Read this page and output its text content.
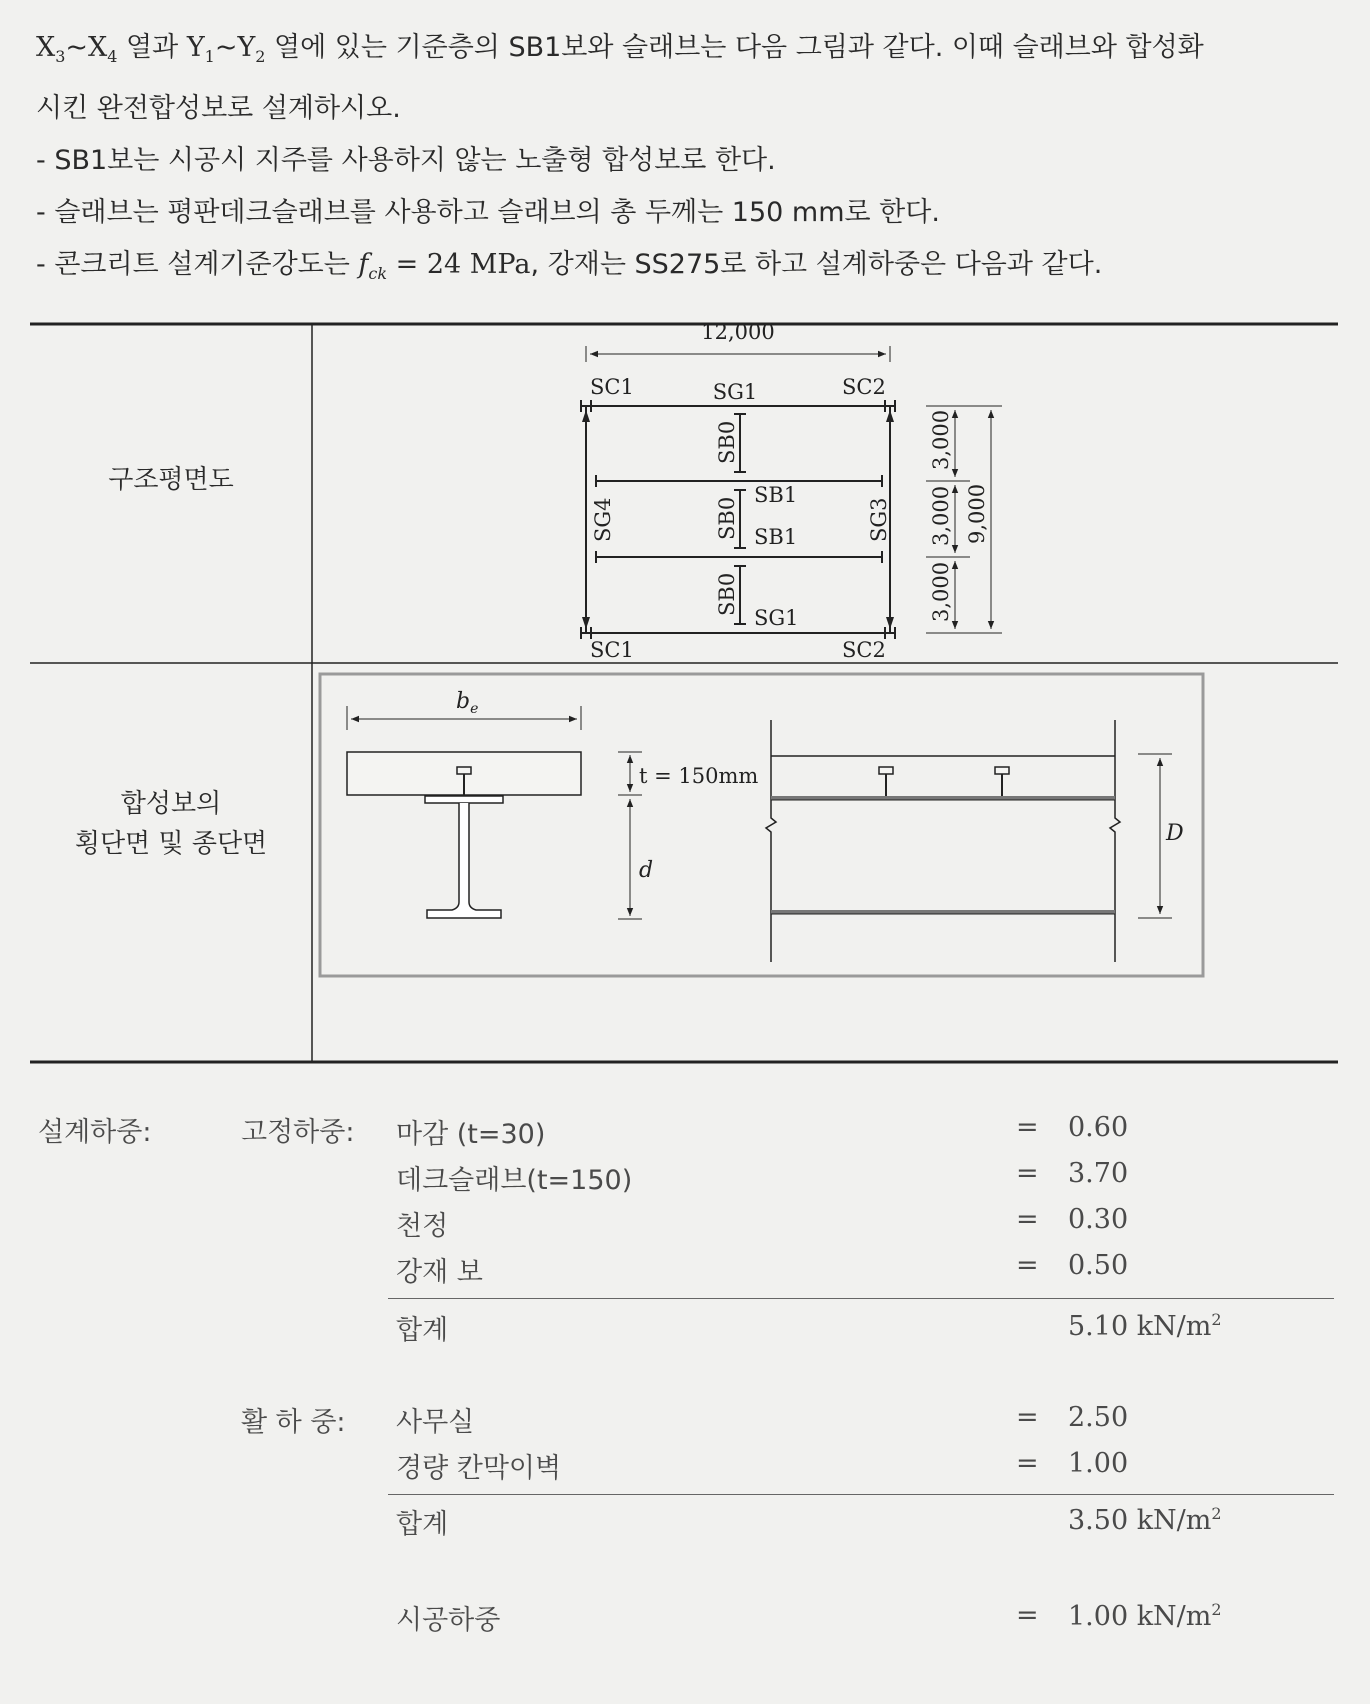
$X_3\sim X_4$ 열과 $Y_1\sim Y_2$ 열에 있는 기준층의 SB1보와 슬래브는 다음 그림과 같다. 이때 슬래브와 합성화

시킨 완전합성보로 설계하시오.

- SB1보는 시공시 지주를 사용하지 않는 노출형 합성보로 한다.

- 슬래브는 평판데크슬래브를 사용하고 슬래브의 총 두께는 150 mm로 한다.

- 콘크리트 설계기준강도는 $f_{ck} = 24$ MPa, 강재는 SS275로 하고 설계하중은 다음과 같다.

12,000
SC1	SG1	SC2
SC1
SG1
SC2
SB1
SB1
SB0
SB0
SB0
SG4	SG3
3,000
3,000
3,000
9,000
$b_e$
t = 150mm
d
D
구조평면도
합성보의
횡단면 및 종단면
설계하중:	고정하중: 마감 (t=30)	= 0.60
데크슬래브(t=150)	= 3.70
천정	= 0.30
강재 보	= 0.50
합계	5.10 $kN/m^2$
활 하 중: 사무실	= 2.50
경량 칸막이벽	= 1.00
합계	3.50 $kN/m^2$
시공하중	= 1.00 $kN/m^2$
